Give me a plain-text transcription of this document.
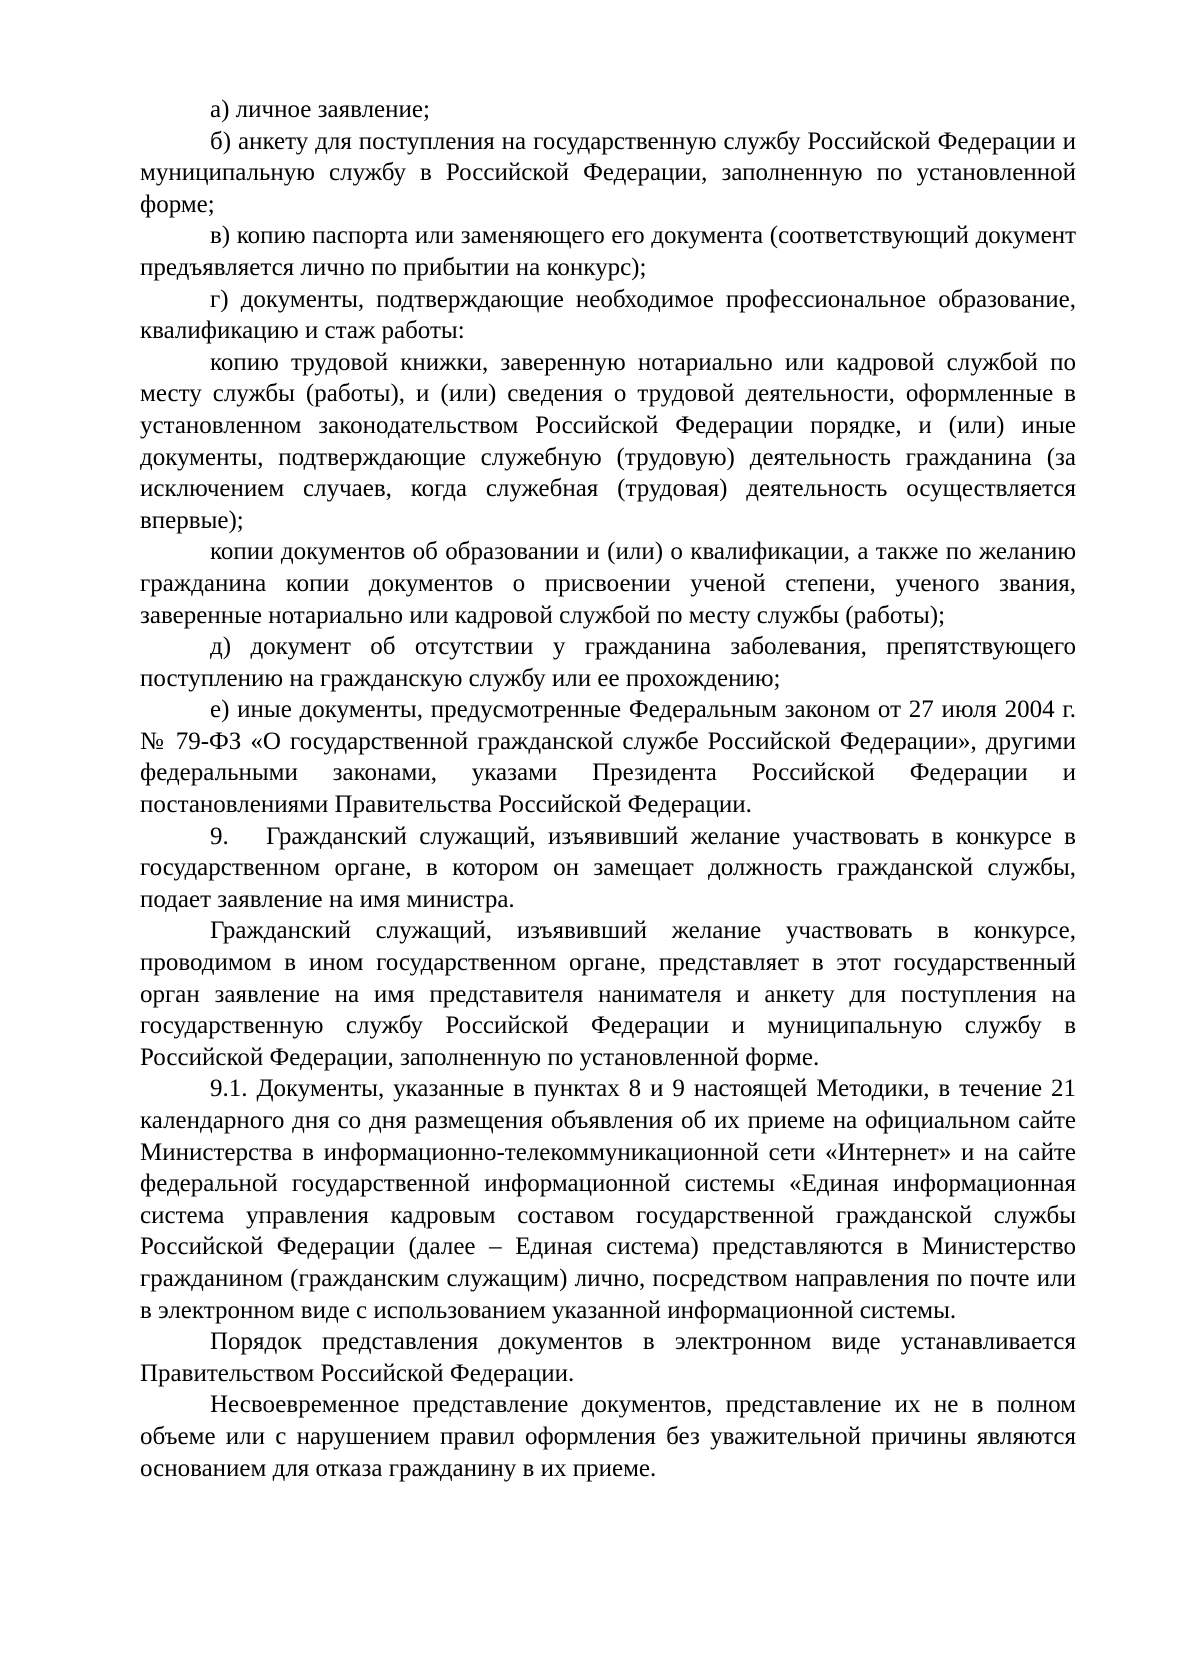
а) личное заявление;

б) анкету для поступления на государственную службу Российской Федерации и муниципальную службу в Российской Федерации, заполненную по установленной форме;

в) копию паспорта или заменяющего его документа (соответствующий документ предъявляется лично по прибытии на конкурс);

г) документы, подтверждающие необходимое профессиональное образование, квалификацию и стаж работы:

копию трудовой книжки, заверенную нотариально или кадровой службой по месту службы (работы), и (или) сведения о трудовой деятельности, оформленные в установленном законодательством Российской Федерации порядке, и (или) иные документы, подтверждающие служебную (трудовую) деятельность гражданина (за исключением случаев, когда служебная (трудовая) деятельность осуществляется впервые);

копии документов об образовании и (или) о квалификации, а также по желанию гражданина копии документов о присвоении ученой степени, ученого звания, заверенные нотариально или кадровой службой по месту службы (работы);

д) документ об отсутствии у гражданина заболевания, препятствующего поступлению на гражданскую службу или ее прохождению;

е) иные документы, предусмотренные Федеральным законом от 27 июля 2004 г. № 79-ФЗ «О государственной гражданской службе Российской Федерации», другими федеральными законами, указами Президента Российской Федерации и постановлениями Правительства Российской Федерации.

9.   Гражданский служащий, изъявивший желание участвовать в конкурсе в государственном органе, в котором он замещает должность гражданской службы, подает заявление на имя министра.

Гражданский служащий, изъявивший желание участвовать в конкурсе, проводимом в ином государственном органе, представляет в этот государственный орган заявление на имя представителя нанимателя и анкету для поступления на государственную службу Российской Федерации и муниципальную службу в Российской Федерации, заполненную по установленной форме.

9.1. Документы, указанные в пунктах 8 и 9 настоящей Методики, в течение 21 календарного дня со дня размещения объявления об их приеме на официальном сайте Министерства в информационно-телекоммуникационной сети «Интернет» и на сайте федеральной государственной информационной системы «Единая информационная система управления кадровым составом государственной гражданской службы Российской Федерации (далее – Единая система) представляются в Министерство гражданином (гражданским служащим) лично, посредством направления по почте или в электронном виде с использованием указанной информационной системы.

Порядок представления документов в электронном виде устанавливается Правительством Российской Федерации.

Несвоевременное представление документов, представление их не в полном объеме или с нарушением правил оформления без уважительной причины являются основанием для отказа гражданину в их приеме.
